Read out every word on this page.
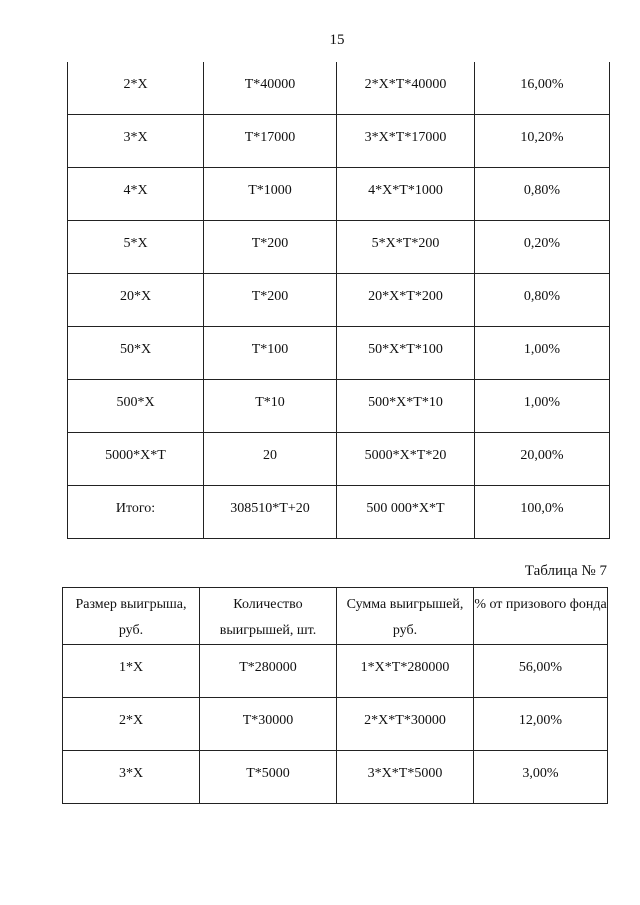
15
2*X	T*40000	2*X*T*40000	16,00%

3*X	T*17000	3*X*T*17000	10,20%

4*X	T*1000	4*X*T*1000	0,80%

5*X	T*200	5*X*T*200	0,20%

20*X	T*200	20*X*T*200	0,80%

50*X	T*100	50*X*T*100	1,00%

500*X	T*10	500*X*T*10	1,00%

5000*X*T	20	5000*X*T*20	20,00%

Итого:	308510*T+20	500 000*X*T	100,0%
Таблица № 7
Размер выигрыша, руб.	Количество выигрышей, шт.	Сумма выигрышей, руб.	% от призового фонда

1*X	T*280000	1*X*T*280000	56,00%

2*X	T*30000	2*X*T*30000	12,00%

3*X	T*5000	3*X*T*5000	3,00%
